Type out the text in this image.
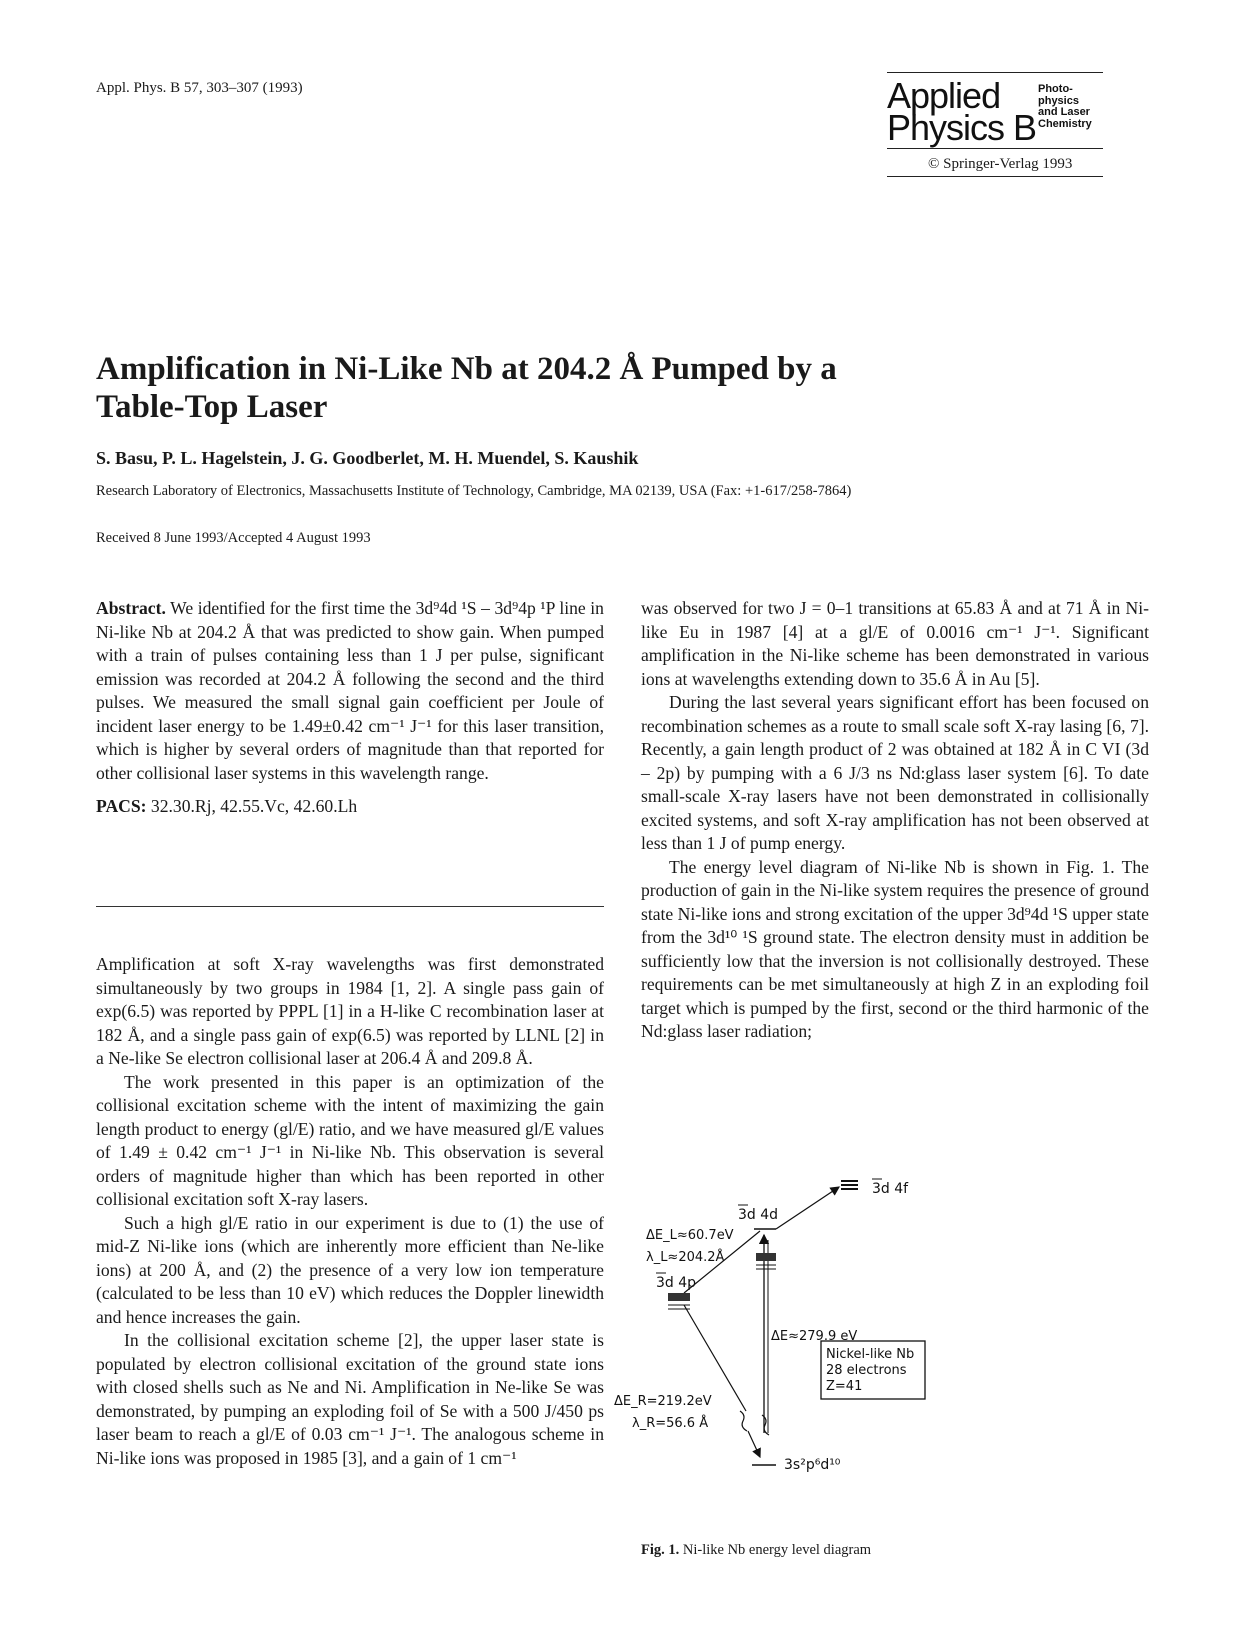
Appl. Phys. B 57, 303–307 (1993)	Applied
Physics B
Photo-
physics
and Laser
Chemistry
© Springer-Verlag 1993
Amplification in Ni-Like Nb at 204.2 Å Pumped by a Table-Top Laser
S. Basu, P. L. Hagelstein, J. G. Goodberlet, M. H. Muendel, S. Kaushik
Research Laboratory of Electronics, Massachusetts Institute of Technology, Cambridge, MA 02139, USA (Fax: +1-617/258-7864)
Received 8 June 1993/Accepted 4 August 1993

Abstract. We identified for the first time the 3d⁹4d ¹S – 3d⁹4p ¹P line in Ni-like Nb at 204.2 Å that was predicted to show gain. When pumped with a train of pulses containing less than 1 J per pulse, significant emission was recorded at 204.2 Å following the second and the third pulses. We measured the small signal gain coefficient per Joule of incident laser energy to be 1.49±0.42 cm⁻¹ J⁻¹ for this laser transition, which is higher by several orders of magnitude than that reported for other collisional laser systems in this wavelength range.

PACS: 32.30.Rj, 42.55.Vc, 42.60.Lh

Amplification at soft X-ray wavelengths was first demonstrated simultaneously by two groups in 1984 [1, 2]. A single pass gain of exp(6.5) was reported by PPPL [1] in a H-like C recombination laser at 182 Å, and a single pass gain of exp(6.5) was reported by LLNL [2] in a Ne-like Se electron collisional laser at 206.4 Å and 209.8 Å.

The work presented in this paper is an optimization of the collisional excitation scheme with the intent of maximizing the gain length product to energy (gl/E) ratio, and we have measured gl/E values of 1.49 ± 0.42 cm⁻¹ J⁻¹ in Ni-like Nb. This observation is several orders of magnitude higher than which has been reported in other collisional excitation soft X-ray lasers.

Such a high gl/E ratio in our experiment is due to (1) the use of mid-Z Ni-like ions (which are inherently more efficient than Ne-like ions) at 200 Å, and (2) the presence of a very low ion temperature (calculated to be less than 10 eV) which reduces the Doppler linewidth and hence increases the gain.

In the collisional excitation scheme [2], the upper laser state is populated by electron collisional excitation of the ground state ions with closed shells such as Ne and Ni. Amplification in Ne-like Se was demonstrated, by pumping an exploding foil of Se with a 500 J/450 ps laser beam to reach a gl/E of 0.03 cm⁻¹ J⁻¹. The analogous scheme in Ni-like ions was proposed in 1985 [3], and a gain of 1 cm⁻¹

was observed for two J = 0–1 transitions at 65.83 Å and at 71 Å in Ni-like Eu in 1987 [4] at a gl/E of 0.0016 cm⁻¹ J⁻¹. Significant amplification in the Ni-like scheme has been demonstrated in various ions at wavelengths extending down to 35.6 Å in Au [5].

During the last several years significant effort has been focused on recombination schemes as a route to small scale soft X-ray lasing [6, 7]. Recently, a gain length product of 2 was obtained at 182 Å in C VI (3d – 2p) by pumping with a 6 J/3 ns Nd:glass laser system [6]. To date small-scale X-ray lasers have not been demonstrated in collisionally excited systems, and soft X-ray amplification has not been observed at less than 1 J of pump energy.

The energy level diagram of Ni-like Nb is shown in Fig. 1. The production of gain in the Ni-like system requires the presence of ground state Ni-like ions and strong excitation of the upper 3d⁹4d ¹S upper state from the 3d¹⁰ ¹S ground state. The electron density must in addition be sufficiently low that the inversion is not collisionally destroyed. These requirements can be met simultaneously at high Z in an exploding foil target which is pumped by the first, second or the third harmonic of the Nd:glass laser radiation;

3d 4f
3d 4d
ΔE_L≈60.7eV
λ_L≈204.2Å
3d 4p
ΔE≈279.9 eV
ΔE_R=219.2eV
λ_R=56.6 Å
3s²p⁶d¹⁰
Nickel-like Nb
28 electrons
Z=41
Fig. 1. Ni-like Nb energy level diagram
